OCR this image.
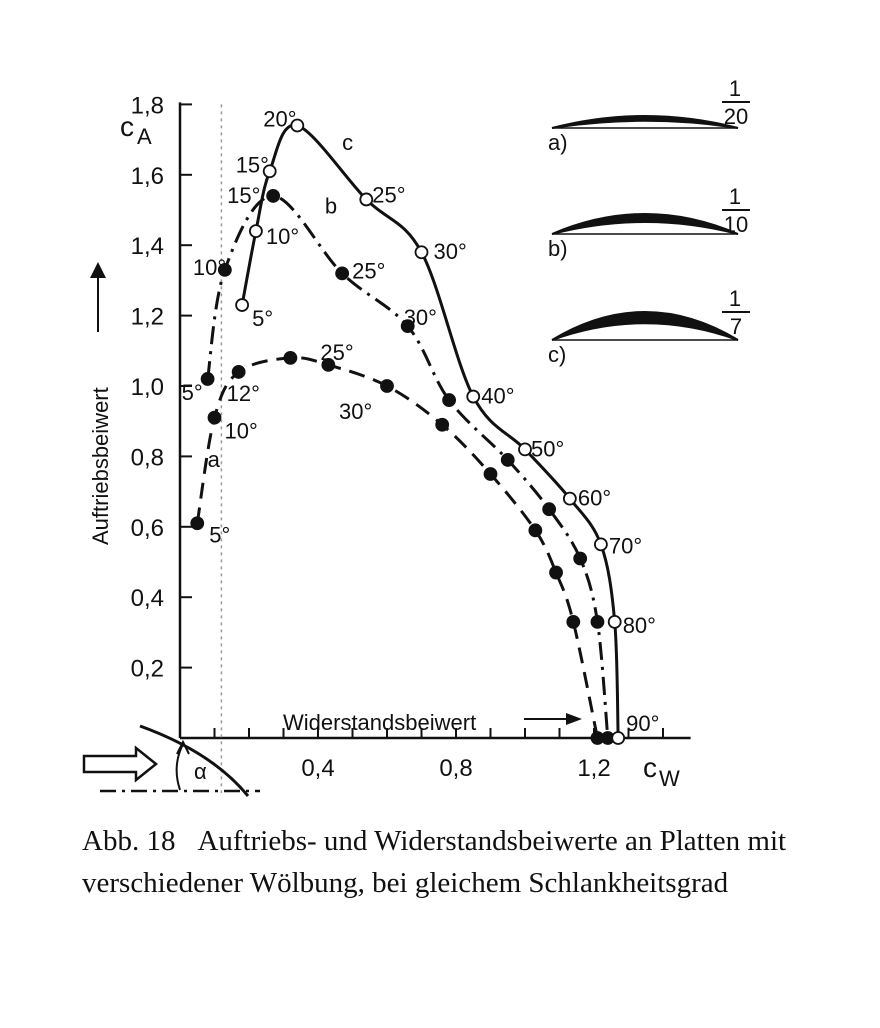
0,2
0,4
0,6
0,8
1,0
1,2
1,4
1,6
1,8
0,4	0,8	1,2
c A
c W
Auftriebsbeiwert
Widerstandsbeiwert
5°
10°
12°
25°
30°
a
5°
10°
15°
25°
30°
b
5°
10°
15°
20°
25°
30°
40°
50°
60°
70°
80°
90°
c	a)
1
20
b)
1
10
c)
1
7
α
Abb. 18 Auftriebs- und Widerstandsbeiwerte an Platten mit verschiedener Wölbung, bei gleichem Schlankheitsgrad
